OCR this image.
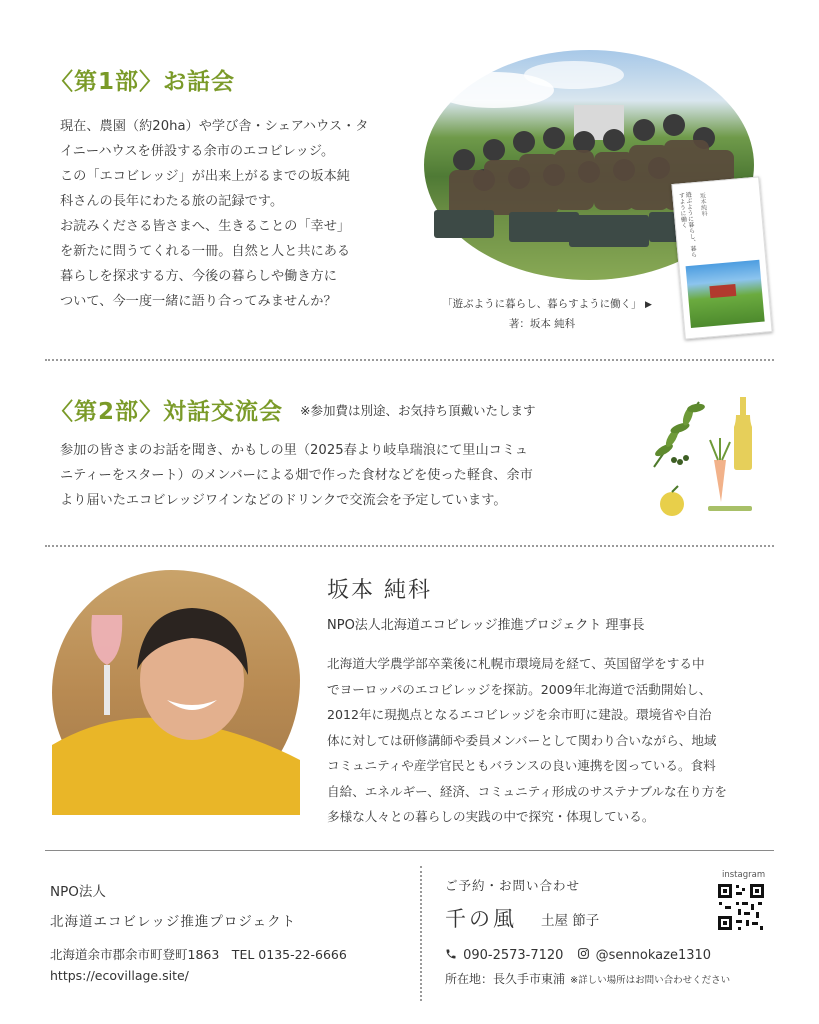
〈第1部〉お話会
現在、農園（約20ha）や学び舎・シェアハウス・タ
イニーハウスを併設する余市のエコビレッジ。
この「エコビレッジ」が出来上がるまでの坂本純
科さんの長年にわたる旅の記録です。
お読みくださる皆さまへ、生きることの「幸せ」
を新たに問うてくれる一冊。自然と人と共にある
暮らしを探求する方、今後の暮らしや働き方に
ついて、今一度一緒に語り合ってみませんか？
遊ぶように暮らし、暮らすように働く	坂本純科
「遊ぶように暮らし、暮らすように働く」 ▶
著：坂本 純科
〈第2部〉対話交流会 ※参加費は別途、お気持ち頂戴いたします
参加の皆さまのお話を聞き、かもしの里（2025春より岐阜瑞浪にて里山コミュ
ニティーをスタート）のメンバーによる畑で作った食材などを使った軽食、余市
より届いたエコビレッジワインなどのドリンクで交流会を予定しています。
坂本 純科
NPO法人北海道エコビレッジ推進プロジェクト 理事長
北海道大学農学部卒業後に札幌市環境局を経て、英国留学をする中
でヨーロッパのエコビレッジを探訪。2009年北海道で活動開始し、
2012年に現拠点となるエコビレッジを余市町に建設。環境省や自治
体に対しては研修講師や委員メンバーとして関わり合いながら、地域
コミュニティや産学官民ともバランスの良い連携を図っている。食料
自給、エネルギー、経済、コミュニティ形成のサステナブルな在り方を
多様な人々との暮らしの実践の中で探究・体現している。
NPO法人
北海道エコビレッジ推進プロジェクト
北海道余市郡余市町登町1863　TEL 0135-22-6666
https://ecovillage.site/
ご予約・お問い合わせ
千の風 土屋 節子
instagram
090-2573-7120 @sennokaze1310
所在地：長久手市東浦 ※詳しい場所はお問い合わせください
